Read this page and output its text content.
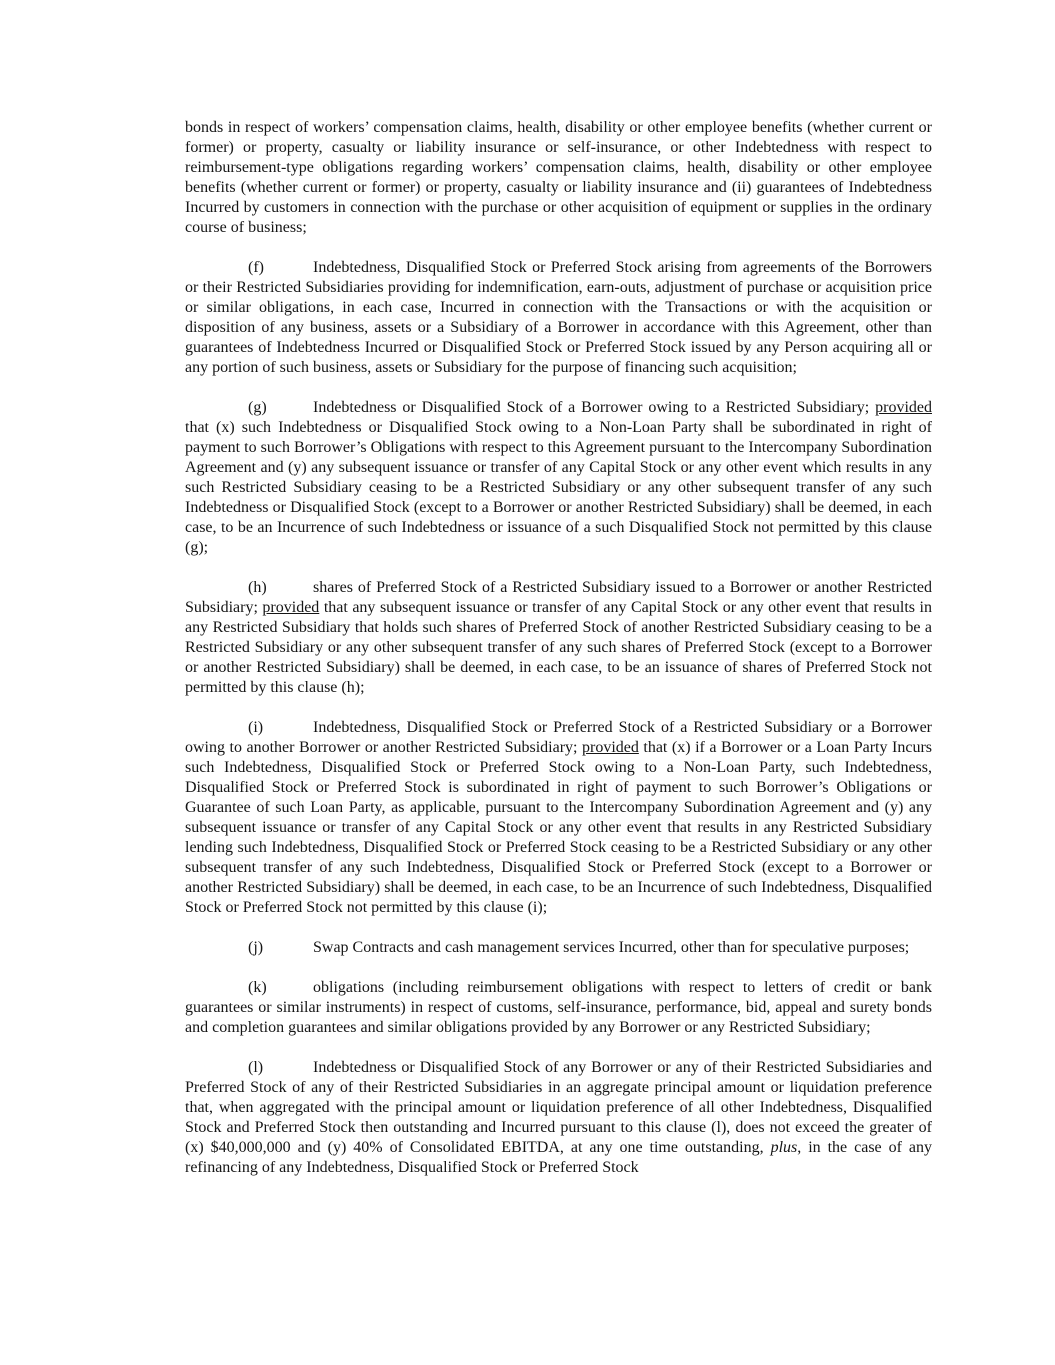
bonds in respect of workers’ compensation claims, health, disability or other employee benefits (whether current or former) or property, casualty or liability insurance or self-insurance, or other Indebtedness with respect to reimbursement-type obligations regarding workers’ compensation claims, health, disability or other employee benefits (whether current or former) or property, casualty or liability insurance and (ii) guarantees of Indebtedness Incurred by customers in connection with the purchase or other acquisition of equipment or supplies in the ordinary course of business;

(f)	Indebtedness, Disqualified Stock or Preferred Stock arising from agreements of the Borrowers or their Restricted Subsidiaries providing for indemnification, earn-outs, adjustment of purchase or acquisition price or similar obligations, in each case, Incurred in connection with the Transactions or with the acquisition or disposition of any business, assets or a Subsidiary of a Borrower in accordance with this Agreement, other than guarantees of Indebtedness Incurred or Disqualified Stock or Preferred Stock issued by any Person acquiring all or any portion of such business, assets or Subsidiary for the purpose of financing such acquisition;

(g)	Indebtedness or Disqualified Stock of a Borrower owing to a Restricted Subsidiary; provided that (x) such Indebtedness or Disqualified Stock owing to a Non-Loan Party shall be subordinated in right of payment to such Borrower’s Obligations with respect to this Agreement pursuant to the Intercompany Subordination Agreement and (y) any subsequent issuance or transfer of any Capital Stock or any other event which results in any such Restricted Subsidiary ceasing to be a Restricted Subsidiary or any other subsequent transfer of any such Indebtedness or Disqualified Stock (except to a Borrower or another Restricted Subsidiary) shall be deemed, in each case, to be an Incurrence of such Indebtedness or issuance of a such Disqualified Stock not permitted by this clause (g);

(h)	shares of Preferred Stock of a Restricted Subsidiary issued to a Borrower or another Restricted Subsidiary; provided that any subsequent issuance or transfer of any Capital Stock or any other event that results in any Restricted Subsidiary that holds such shares of Preferred Stock of another Restricted Subsidiary ceasing to be a Restricted Subsidiary or any other subsequent transfer of any such shares of Preferred Stock (except to a Borrower or another Restricted Subsidiary) shall be deemed, in each case, to be an issuance of shares of Preferred Stock not permitted by this clause (h);

(i)	Indebtedness, Disqualified Stock or Preferred Stock of a Restricted Subsidiary or a Borrower owing to another Borrower or another Restricted Subsidiary; provided that (x) if a Borrower or a Loan Party Incurs such Indebtedness, Disqualified Stock or Preferred Stock owing to a Non-Loan Party, such Indebtedness, Disqualified Stock or Preferred Stock is subordinated in right of payment to such Borrower’s Obligations or Guarantee of such Loan Party, as applicable, pursuant to the Intercompany Subordination Agreement and (y) any subsequent issuance or transfer of any Capital Stock or any other event that results in any Restricted Subsidiary lending such Indebtedness, Disqualified Stock or Preferred Stock ceasing to be a Restricted Subsidiary or any other subsequent transfer of any such Indebtedness, Disqualified Stock or Preferred Stock (except to a Borrower or another Restricted Subsidiary) shall be deemed, in each case, to be an Incurrence of such Indebtedness, Disqualified Stock or Preferred Stock not permitted by this clause (i);

(j)	Swap Contracts and cash management services Incurred, other than for speculative purposes;

(k)	obligations (including reimbursement obligations with respect to letters of credit or bank guarantees or similar instruments) in respect of customs, self-insurance, performance, bid, appeal and surety bonds and completion guarantees and similar obligations provided by any Borrower or any Restricted Subsidiary;

(l)	Indebtedness or Disqualified Stock of any Borrower or any of their Restricted Subsidiaries and Preferred Stock of any of their Restricted Subsidiaries in an aggregate principal amount or liquidation preference that, when aggregated with the principal amount or liquidation preference of all other Indebtedness, Disqualified Stock and Preferred Stock then outstanding and Incurred pursuant to this clause (l), does not exceed the greater of (x) $40,000,000 and (y) 40% of Consolidated EBITDA, at any one time outstanding, plus, in the case of any refinancing of any Indebtedness, Disqualified Stock or Preferred Stock
